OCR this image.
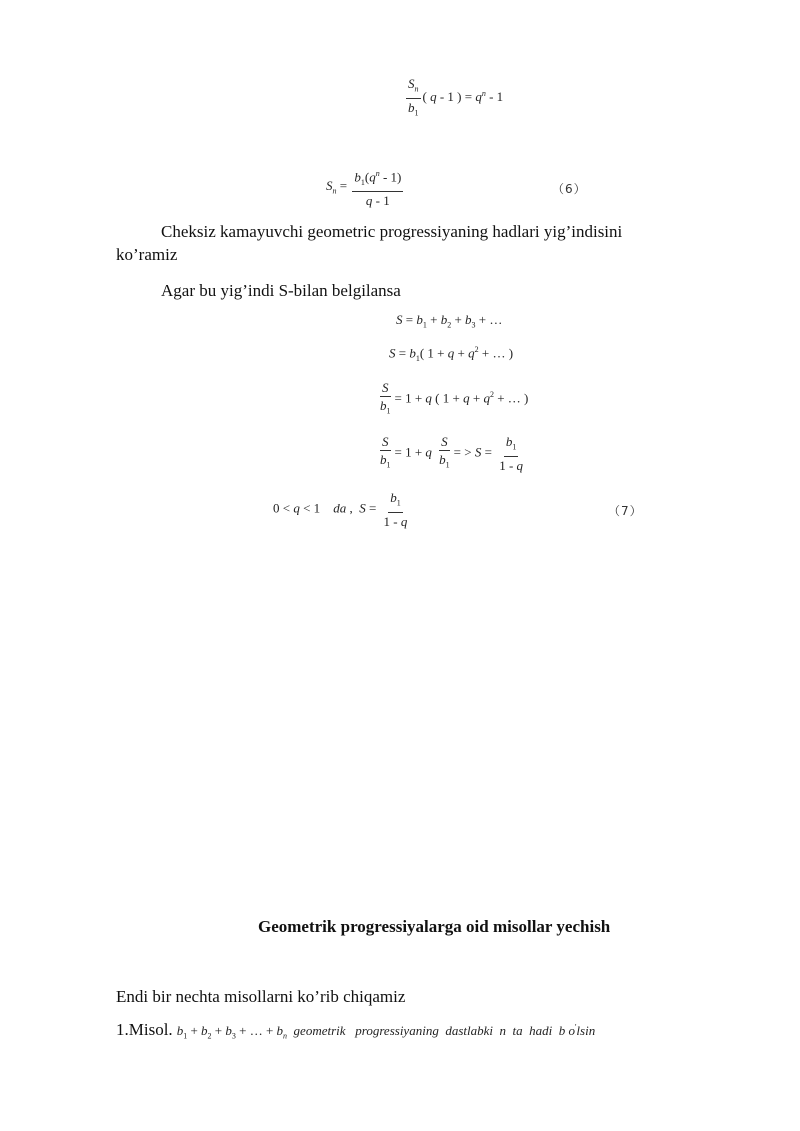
$\frac{S_n}{b_1}$ ( q - 1 ) = $q^n - 1$
$S_n = \frac{b_1(q^n - 1)}{q - 1}$	（6）
Cheksiz kamayuvchi geometric progressiyaning hadlari yig’indisini
ko’ramiz
Agar bu yig’indi S-bilan belgilansa
$S = b_1 + b_2 + b_3$ + …
$S = b_1$( $1 + q + q^2$ + … )
$\frac{S}{b_1} = 1 + q$ ( $1 + q + q^2$ + … )
$\frac{S}{b_1} = 1 + q \frac{S}{b_1}$ = > $S = \frac{b_1}{1 - q}$
0 < q < 1    da ,  $S = \frac{b_1}{1 - q}$	（7）
Geometrik progressiyalarga oid misollar yechish
Endi bir nechta misollarni ko’rib chiqamiz
1.Misol. $b_1 + b_2 + b_3$ + … + $b_n$  geometrik   progressiyaning  dastlabki  n  ta  hadi  b o'lsin
